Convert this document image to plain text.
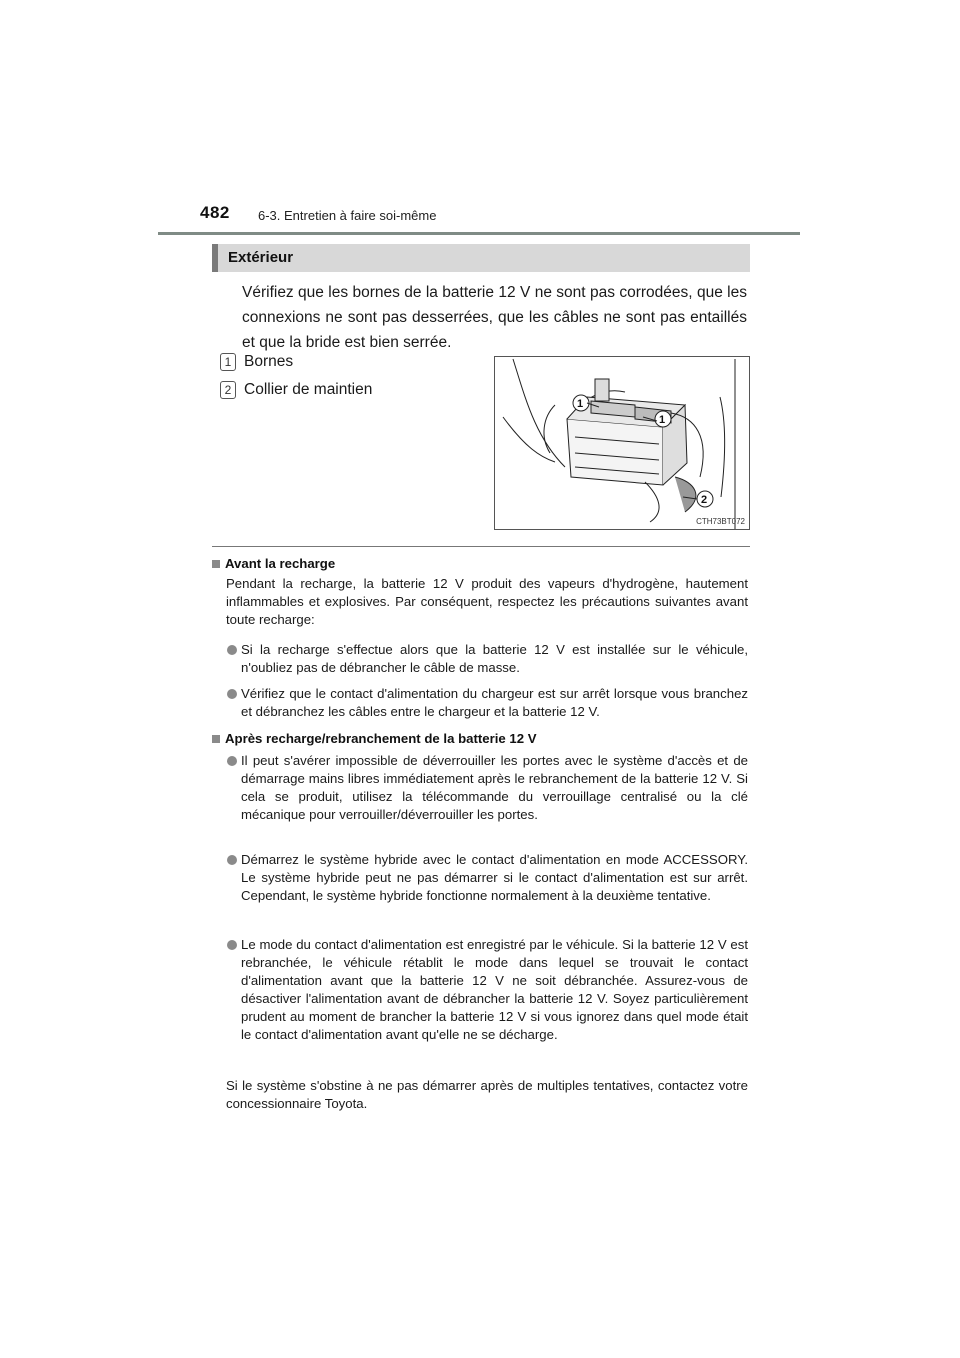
482 6-3. Entretien à faire soi-même
Extérieur
Vérifiez que les bornes de la batterie 12 V ne sont pas corrodées, que les connexions ne sont pas desserrées, que les câbles ne sont pas entaillés et que la bride est bien serrée.
1 Bornes
2 Collier de maintien
1
1
2
CTH73BT072
Avant la recharge
Pendant la recharge, la batterie 12 V produit des vapeurs d'hydrogène, hautement inflammables et explosives. Par conséquent, respectez les précautions suivantes avant toute recharge:
Si la recharge s'effectue alors que la batterie 12 V est installée sur le véhicule, n'oubliez pas de débrancher le câble de masse.
Vérifiez que le contact d'alimentation du chargeur est sur arrêt lorsque vous branchez et débranchez les câbles entre le chargeur et la batterie 12 V.
Après recharge/rebranchement de la batterie 12 V
Il peut s'avérer impossible de déverrouiller les portes avec le système d'accès et de démarrage mains libres immédiatement après le rebranchement de la batterie 12 V. Si cela se produit, utilisez la télécommande du verrouillage centralisé ou la clé mécanique pour verrouiller/déverrouiller les portes.
Démarrez le système hybride avec le contact d'alimentation en mode ACCESSORY. Le système hybride peut ne pas démarrer si le contact d'alimentation est sur arrêt. Cependant, le système hybride fonctionne normalement à la deuxième tentative.
Le mode du contact d'alimentation est enregistré par le véhicule. Si la batterie 12 V est rebranchée, le véhicule rétablit le mode dans lequel se trouvait le contact d'alimentation avant que la batterie 12 V ne soit débranchée. Assurez-vous de désactiver l'alimentation avant de débrancher la batterie 12 V. Soyez particulièrement prudent au moment de brancher la batterie 12 V si vous ignorez dans quel mode était le contact d'alimentation avant qu'elle ne se décharge.
Si le système s'obstine à ne pas démarrer après de multiples tentatives, contactez votre concessionnaire Toyota.
